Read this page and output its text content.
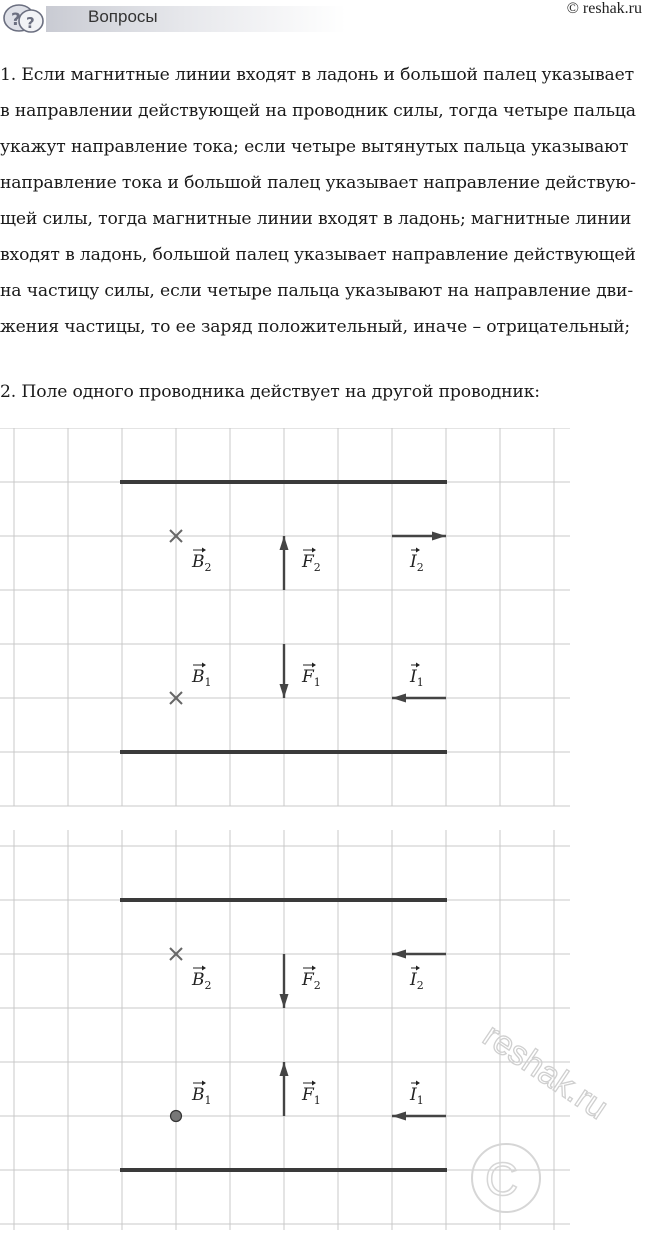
? ?	Вопросы	© reshak.ru
1. Если магнитные линии входят в ладонь и большой палец указывает
в направлении действующей на проводник силы, тогда четыре пальца
укажут направление тока; если четыре вытянутых пальца указывают
направление тока и большой палец указывает направление действую-
щей силы, тогда магнитные линии входят в ладонь; магнитные линии
входят в ладонь, большой палец указывает направление действующей
на частицу силы, если четыре пальца указывают на направление дви-
жения частицы, то ее заряд положительный, иначе – отрицательный;
2. Поле одного проводника действует на другой проводник:
$B_2$	$F_2$	$I_2$
$B_1$	$F_1$	$I_1$
$B_2$	$F_2$	$I_2$
$B_1$	$F_1$	$I_1$ reshak.ru
C
